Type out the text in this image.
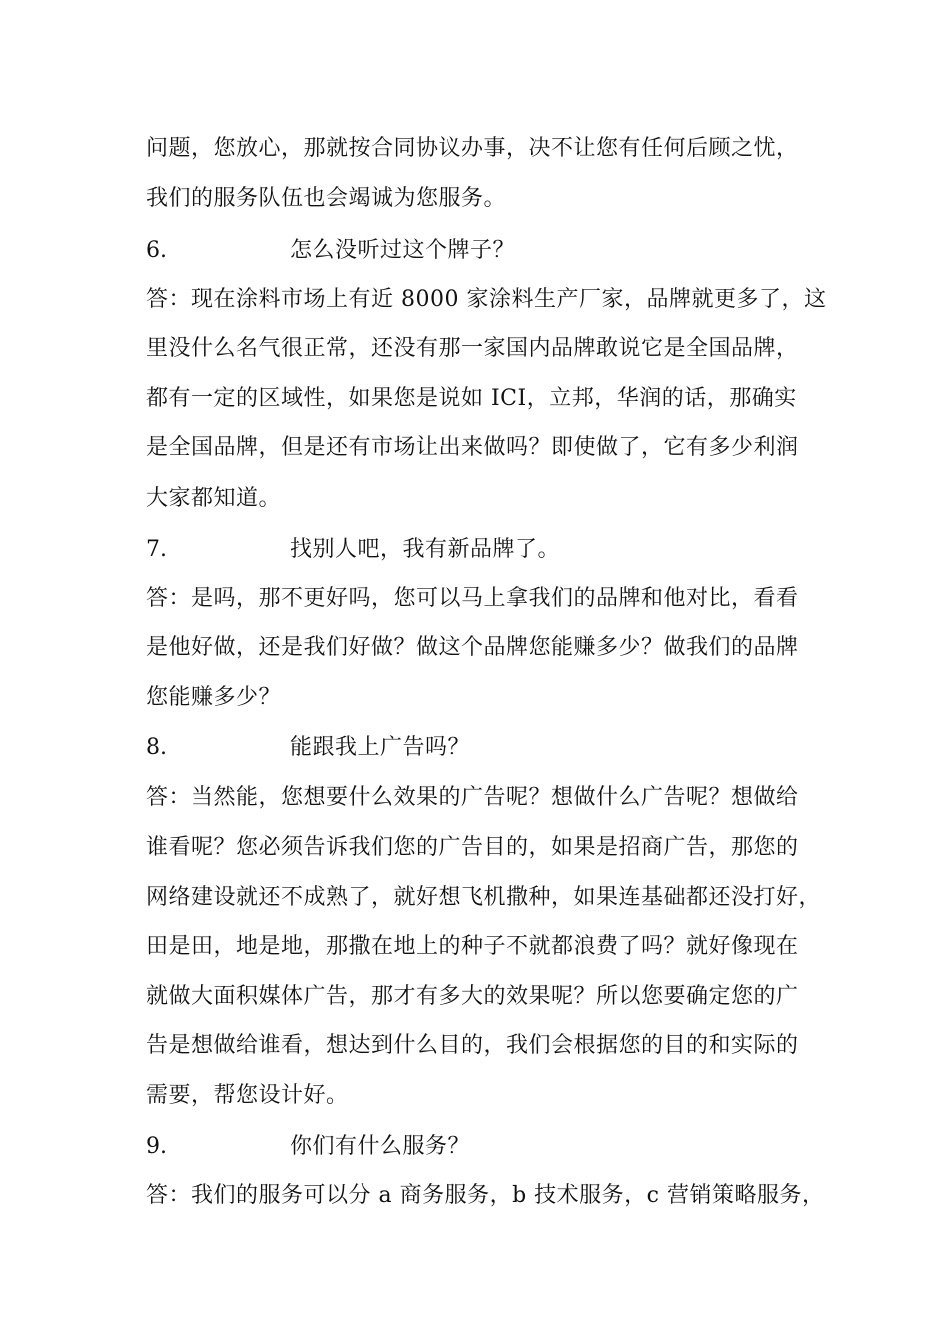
问题，您放心，那就按合同协议办事，决不让您有任何后顾之忧，
我们的服务队伍也会竭诚为您服务。
6.	怎么没听过这个牌子？
答：现在涂料市场上有近 8000 家涂料生产厂家，品牌就更多了，这
里没什么名气很正常，还没有那一家国内品牌敢说它是全国品牌，
都有一定的区域性，如果您是说如 ICI，立邦，华润的话，那确实
是全国品牌，但是还有市场让出来做吗？即使做了，它有多少利润
大家都知道。
7.	找别人吧，我有新品牌了。
答：是吗，那不更好吗，您可以马上拿我们的品牌和他对比，看看
是他好做，还是我们好做？做这个品牌您能赚多少？做我们的品牌
您能赚多少？
8.	能跟我上广告吗？
答：当然能，您想要什么效果的广告呢？想做什么广告呢？想做给
谁看呢？您必须告诉我们您的广告目的，如果是招商广告，那您的
网络建设就还不成熟了，就好想飞机撒种，如果连基础都还没打好，
田是田，地是地，那撒在地上的种子不就都浪费了吗？就好像现在
就做大面积媒体广告，那才有多大的效果呢？所以您要确定您的广
告是想做给谁看，想达到什么目的，我们会根据您的目的和实际的
需要，帮您设计好。
9.	你们有什么服务？
答：我们的服务可以分 a 商务服务，b 技术服务，c 营销策略服务，
